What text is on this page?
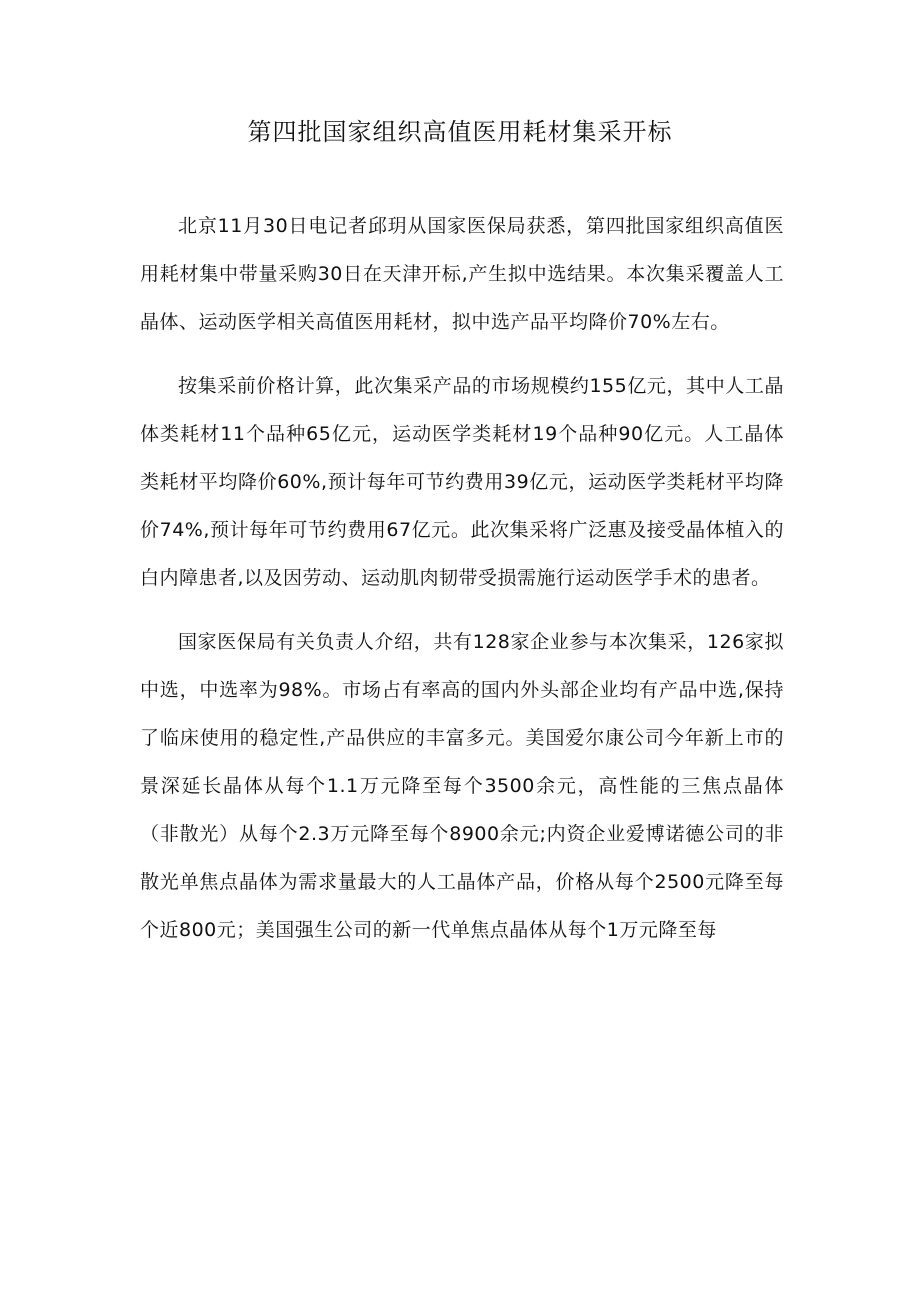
第四批国家组织高值医用耗材集采开标

北京11月30日电记者邱玥从国家医保局获悉，第四批国家组织高值医用耗材集中带量采购30日在天津开标,产生拟中选结果。本次集采覆盖人工晶体、运动医学相关高值医用耗材，拟中选产品平均降价70%左右。

按集采前价格计算，此次集采产品的市场规模约155亿元，其中人工晶体类耗材11个品种65亿元，运动医学类耗材19个品种90亿元。人工晶体类耗材平均降价60%,预计每年可节约费用39亿元，运动医学类耗材平均降价74%,预计每年可节约费用67亿元。此次集采将广泛惠及接受晶体植入的白内障患者,以及因劳动、运动肌肉韧带受损需施行运动医学手术的患者。

国家医保局有关负责人介绍，共有128家企业参与本次集采，126家拟中选，中选率为98%。市场占有率高的国内外头部企业均有产品中选,保持了临床使用的稳定性,产品供应的丰富多元。美国爱尔康公司今年新上市的景深延长晶体从每个1.1万元降至每个3500余元，高性能的三焦点晶体（非散光）从每个2.3万元降至每个8900余元;内资企业爱博诺德公司的非散光单焦点晶体为需求量最大的人工晶体产品，价格从每个2500元降至每个近800元；美国强生公司的新一代单焦点晶体从每个1万元降至每
